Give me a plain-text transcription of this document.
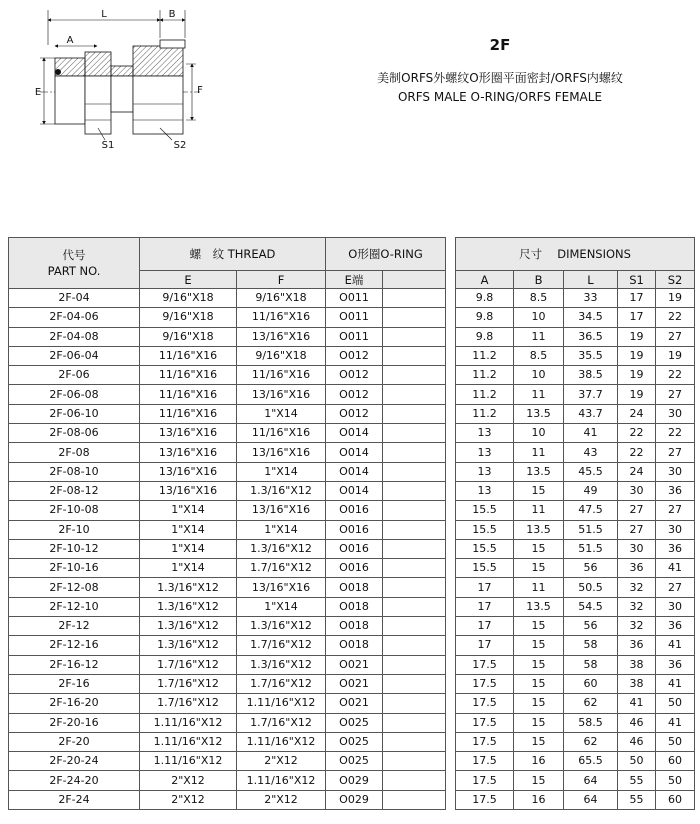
L	B
A
E	F
S1	S2
2F
美制ORFS外螺纹O形圈平面密封/ORFS内螺纹
ORFS MALE O-RING/ORFS FEMALE
代号
PART NO.	螺　纹 THREAD		O形圈O-RING			尺寸　 DIMENSIONS				
	E	F	E端			A	B	L	S1	S2
2F-04	9/16"X18	9/16"X18	O011			9.8	8.5	33	17	19
2F-04-06	9/16"X18	11/16"X16	O011			9.8	10	34.5	17	22
2F-04-08	9/16"X18	13/16"X16	O011			9.8	11	36.5	19	27
2F-06-04	11/16"X16	9/16"X18	O012			11.2	8.5	35.5	19	19
2F-06	11/16"X16	11/16"X16	O012			11.2	10	38.5	19	22
2F-06-08	11/16"X16	13/16"X16	O012			11.2	11	37.7	19	27
2F-06-10	11/16"X16	1"X14	O012			11.2	13.5	43.7	24	30
2F-08-06	13/16"X16	11/16"X16	O014			13	10	41	22	22
2F-08	13/16"X16	13/16"X16	O014			13	11	43	22	27
2F-08-10	13/16"X16	1"X14	O014			13	13.5	45.5	24	30
2F-08-12	13/16"X16	1.3/16"X12	O014			13	15	49	30	36
2F-10-08	1"X14	13/16"X16	O016			15.5	11	47.5	27	27
2F-10	1"X14	1"X14	O016			15.5	13.5	51.5	27	30
2F-10-12	1"X14	1.3/16"X12	O016			15.5	15	51.5	30	36
2F-10-16	1"X14	1.7/16"X12	O016			15.5	15	56	36	41
2F-12-08	1.3/16"X12	13/16"X16	O018			17	11	50.5	32	27
2F-12-10	1.3/16"X12	1"X14	O018			17	13.5	54.5	32	30
2F-12	1.3/16"X12	1.3/16"X12	O018			17	15	56	32	36
2F-12-16	1.3/16"X12	1.7/16"X12	O018			17	15	58	36	41
2F-16-12	1.7/16"X12	1.3/16"X12	O021			17.5	15	58	38	36
2F-16	1.7/16"X12	1.7/16"X12	O021			17.5	15	60	38	41
2F-16-20	1.7/16"X12	1.11/16"X12	O021			17.5	15	62	41	50
2F-20-16	1.11/16"X12	1.7/16"X12	O025			17.5	15	58.5	46	41
2F-20	1.11/16"X12	1.11/16"X12	O025			17.5	15	62	46	50
2F-20-24	1.11/16"X12	2"X12	O025			17.5	16	65.5	50	60
2F-24-20	2"X12	1.11/16"X12	O029			17.5	15	64	55	50
2F-24	2"X12	2"X12	O029			17.5	16	64	55	60
